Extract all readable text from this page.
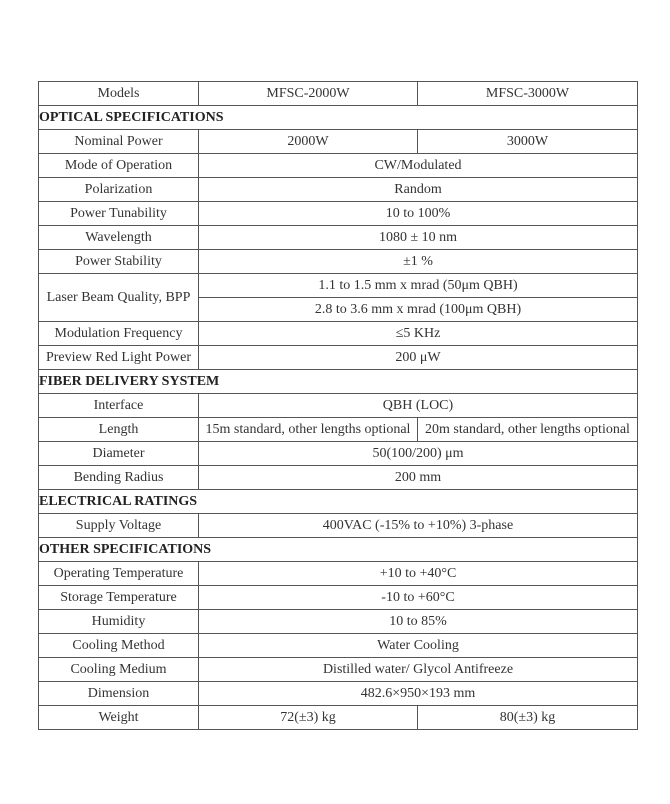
Models	MFSC-2000W	MFSC-3000W
OPTICAL SPECIFICATIONS		
Nominal Power	2000W	3000W
Mode of Operation	CW/Modulated	
Polarization	Random	
Power Tunability	10 to 100%	
Wavelength	1080 ± 10 nm	
Power Stability	±1 %	
Laser Beam Quality, BPP	1.1 to 1.5 mm x mrad (50μm QBH)	
	2.8 to 3.6 mm x mrad (100μm QBH)	
Modulation Frequency	≤5 KHz	
Preview Red Light Power	200 μW	
FIBER DELIVERY SYSTEM		
Interface	QBH (LOC)	
Length	15m standard, other lengths optional	20m standard, other lengths optional
Diameter	50(100/200) μm	
Bending Radius	200 mm	
ELECTRICAL RATINGS		
Supply Voltage	400VAC (-15% to +10%) 3-phase	
OTHER SPECIFICATIONS		
Operating Temperature	+10 to +40°C	
Storage Temperature	-10 to +60°C	
Humidity	10 to 85%	
Cooling Method	Water Cooling	
Cooling Medium	Distilled water/ Glycol Antifreeze	
Dimension	482.6×950×193 mm	
Weight	72(±3) kg	80(±3) kg
